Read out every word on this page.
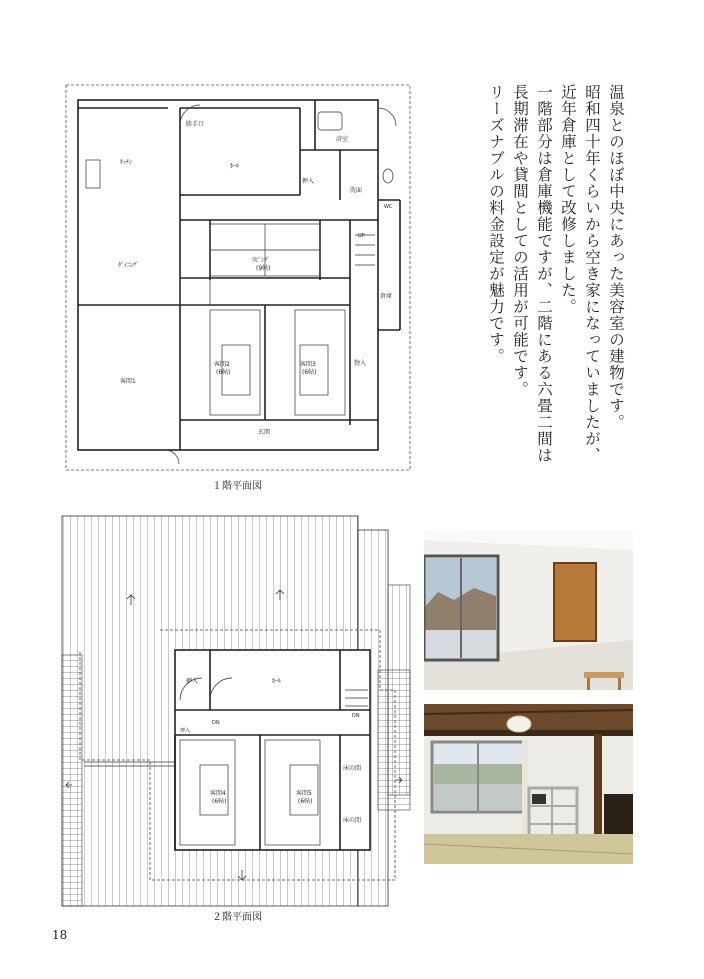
温泉とのほぼ中央にあった美容室の建物です。

昭和四十年くらいから空き家になっていましたが、

近年倉庫として改修しました。

一階部分は倉庫機能ですが、二階にある六畳二間は

長期滞在や貸間としての活用が可能です。

リーズナブルの料金設定が魅力です。

勝手口
浴室
ｷｯﾁﾝ
ﾎｰﾙ
押入
洗面
WC
UP
ﾀﾞｲﾆﾝｸﾞ
ﾘﾋﾞﾝｸﾞ
(9帖)
倉庫
客間1
客間2
(6帖)
客間3
(6帖)
物入
玄関
１階平面図
押入	ﾎｰﾙ
DN
DN
客間4
(6帖)
客間5
(6帖)
床の間
床の間
押入
２階平面図
18
